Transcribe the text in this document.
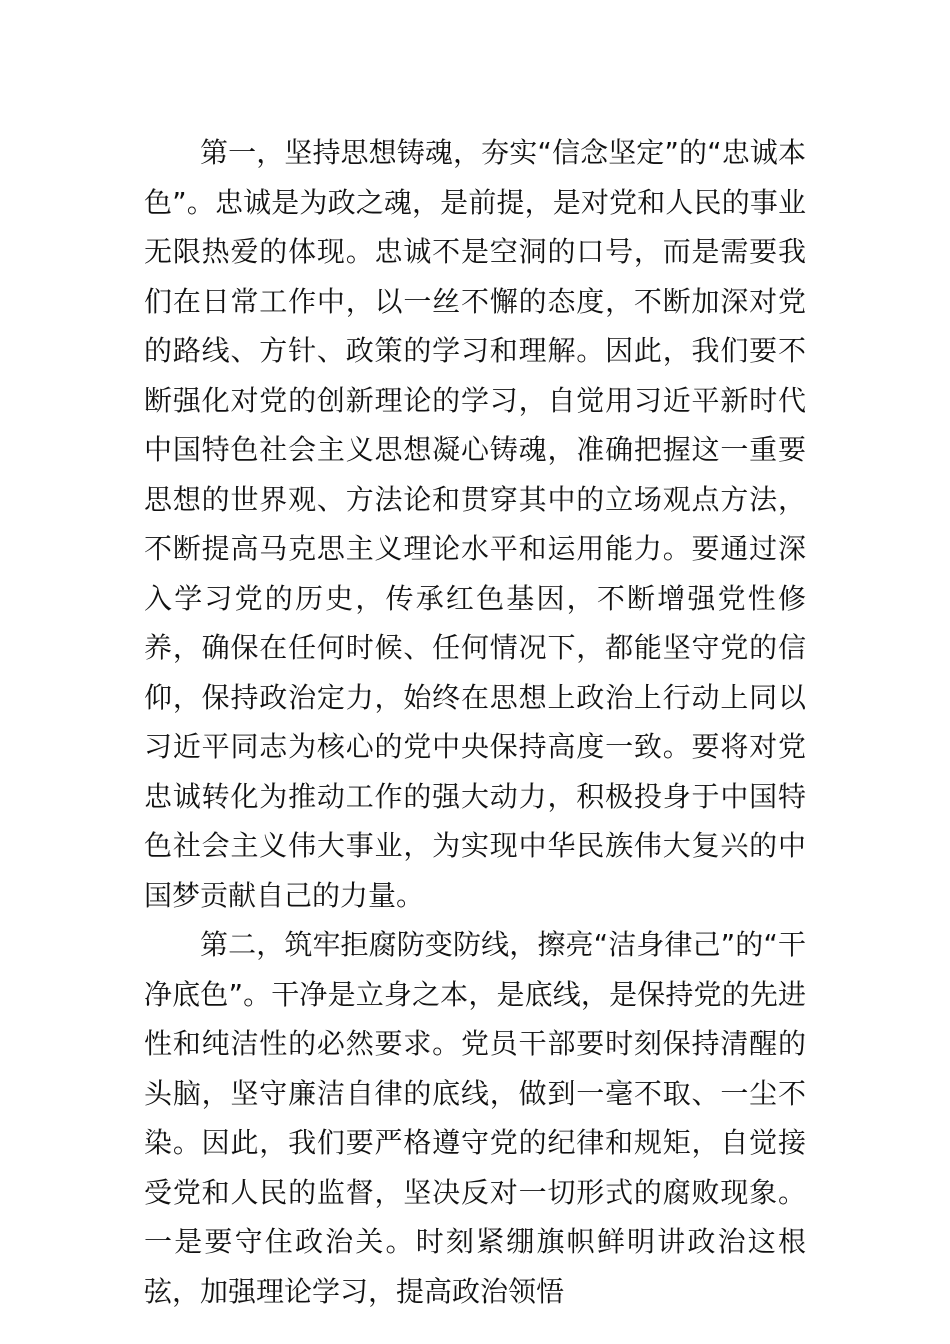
第一，坚持思想铸魂，夯实“信念坚定”的“忠诚本色”。忠诚是为政之魂，是前提，是对党和人民的事业无限热爱的体现。忠诚不是空洞的口号，而是需要我们在日常工作中，以一丝不懈的态度，不断加深对党的路线、方针、政策的学习和理解。因此，我们要不断强化对党的创新理论的学习，自觉用习近平新时代中国特色社会主义思想凝心铸魂，准确把握这一重要思想的世界观、方法论和贯穿其中的立场观点方法，不断提高马克思主义理论水平和运用能力。要通过深入学习党的历史，传承红色基因，不断增强党性修养，确保在任何时候、任何情况下，都能坚守党的信仰，保持政治定力，始终在思想上政治上行动上同以习近平同志为核心的党中央保持高度一致。要将对党忠诚转化为推动工作的强大动力，积极投身于中国特色社会主义伟大事业，为实现中华民族伟大复兴的中国梦贡献自己的力量。

第二，筑牢拒腐防变防线，擦亮“洁身律己”的“干净底色”。干净是立身之本，是底线，是保持党的先进性和纯洁性的必然要求。党员干部要时刻保持清醒的头脑，坚守廉洁自律的底线，做到一毫不取、一尘不染。因此，我们要严格遵守党的纪律和规矩，自觉接受党和人民的监督，坚决反对一切形式的腐败现象。一是要守住政治关。时刻紧绷旗帜鲜明讲政治这根弦，加强理论学习，提高政治领悟
